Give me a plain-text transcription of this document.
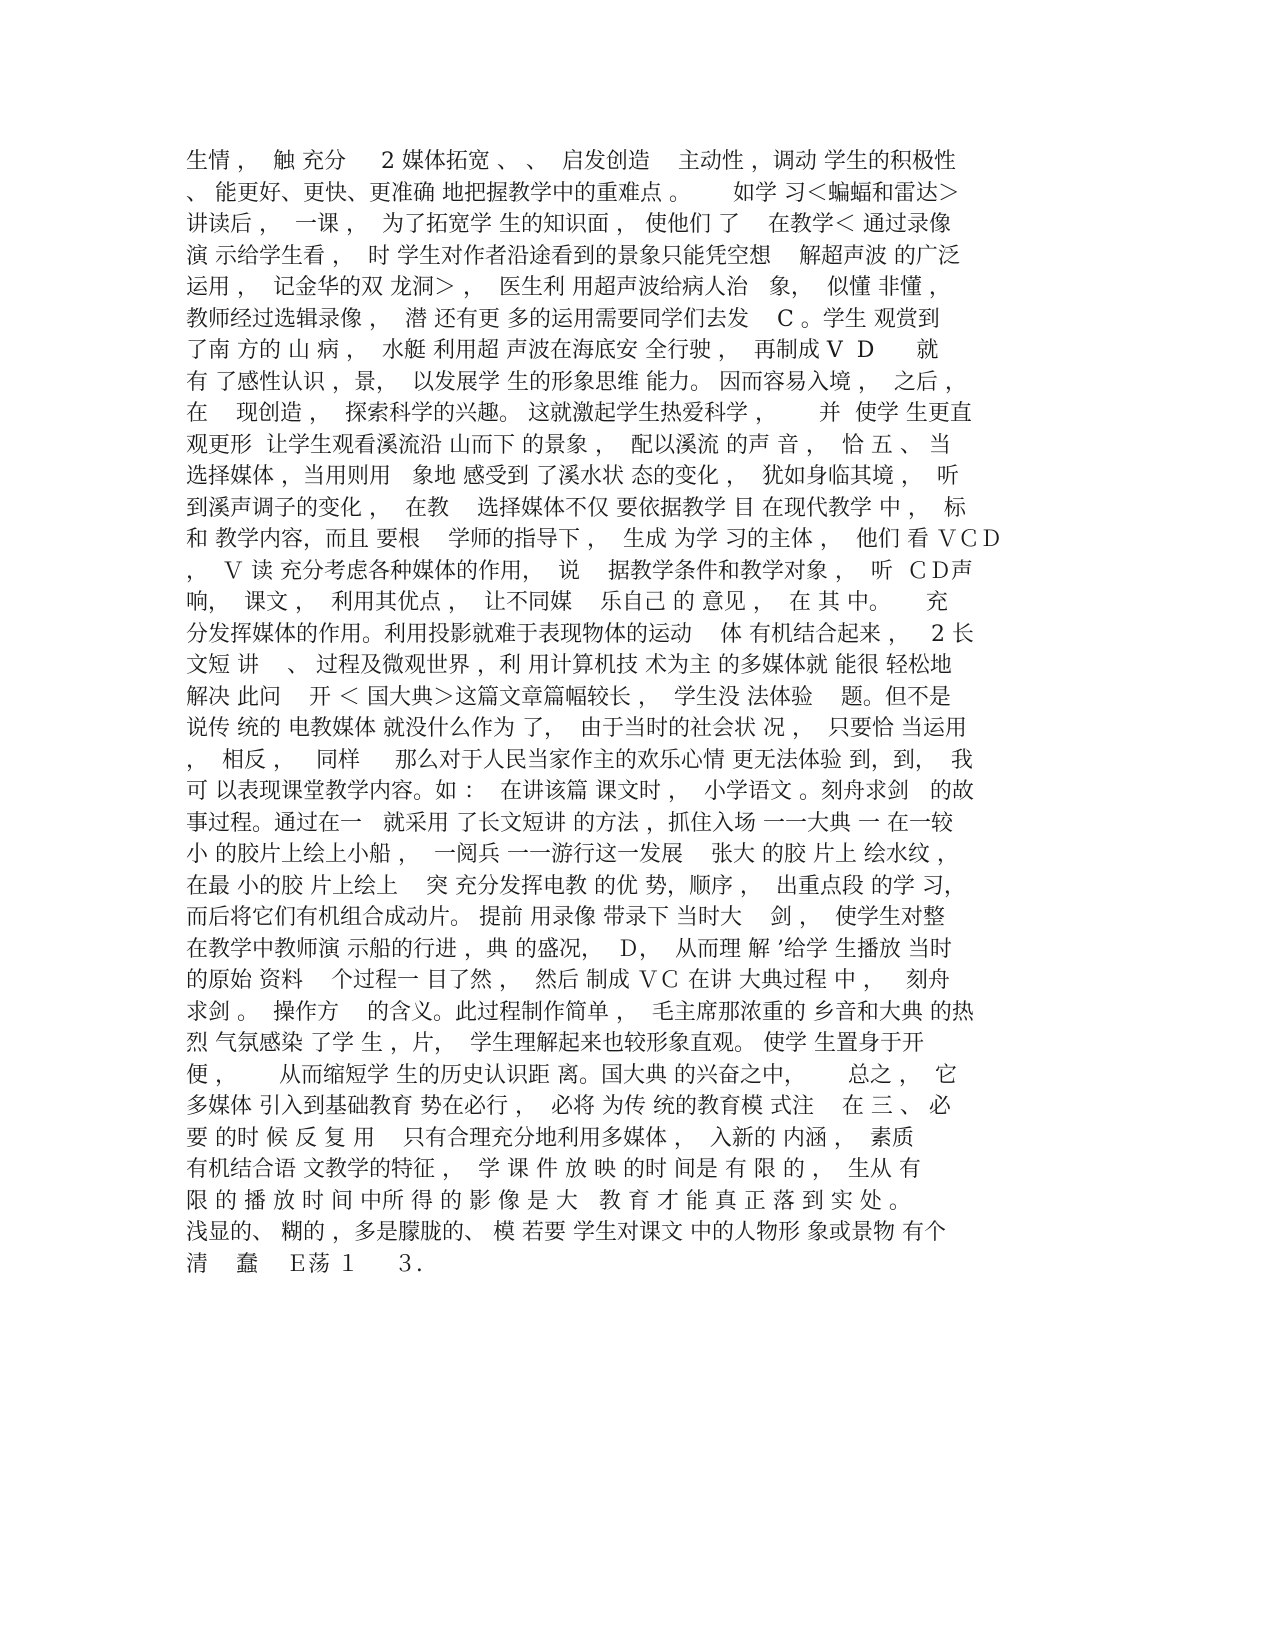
生情 ，  触 充分     2 媒体拓宽 、 、  启发创造    主动性 ，调动 学生的积极性
、 能更好、更快、更准确 地把握教学中的重难点 。      如学 习＜蝙蝠和雷达＞
讲读后 ，  一课 ，  为了拓宽学 生的知识面 ， 使他们 了    在教学＜ 通过录像
演 示给学生看 ，  时 学生对作者沿途看到的景象只能凭空想    解超声波 的广泛
运用 ，  记金华的双 龙洞＞ ，  医生利 用超声波给病人治   象，  似懂 非懂 ，
教师经过选辑录像 ，  潜 还有更 多的运用需要同学们去发    C 。学生 观赏到
了南 方的 山 病 ，  水艇 利用超 声波在海底安 全行驶 ，  再制成 V  D      就
有 了感性认识 ，景，  以发展学 生的形象思维 能力。 因而容易入境 ，  之后 ，
在    现创造 ，  探索科学的兴趣。 这就激起学生热爱科学 ，      并  使学 生更直
观更形  让学生观看溪流沿 山而下 的景象 ，  配以溪流 的声 音 ，  恰 五 、 当
选择媒体 ，当用则用   象地 感受到 了溪水状 态的变化 ，  犹如身临其境 ，  听
到溪声调子的变化 ，  在教    选择媒体不仅 要依据教学 目 在现代教学 中 ，  标
和 教学内容，而且 要根    学师的指导下 ，  生成 为学 习的主体 ，  他们 看 ＶＣＤ
，  Ｖ 读 充分考虑各种媒体的作用，  说    据教学条件和教学对象 ，  听  ＣＤ声
响，  课文 ，  利用其优点 ，  让不同媒    乐自己 的 意见 ，  在 其 中。     充
分发挥媒体的作用。利用投影就难于表现物体的运动    体 有机结合起来 ，   2 长
文短 讲    、 过程及微观世界 ，利 用计算机技 术为主 的多媒体就 能很 轻松地
解决 此问    开 ＜ 国大典＞这篇文章篇幅较长 ，  学生没 法体验    题。但不是
说传 统的 电教媒体 就没什么作为 了，  由于当时的社会状 况 ，  只要恰 当运用
，  相反 ，   同样     那么对于人民当家作主的欢乐心情 更无法体验 到，到，  我
可 以表现课堂教学内容。如 ：  在讲该篇 课文时 ，  小学语文 。刻舟求剑   的故
事过程。通过在一   就采用 了长文短讲 的方法 ，抓住入场 一一大典 一 在一较
小 的胶片上绘上小船 ，  一阅兵 一一游行这一发展    张大 的胶 片上 绘水纹 ，
在最 小的胶 片上绘上    突 充分发挥电教 的优 势，顺序 ，  出重点段 的学 习，
而后将它们有机组合成动片。 提前 用录像 带录下 当时大    剑 ，  使学生对整
在教学中教师演 示船的行进 ，典 的盛况，  Ｄ，  从而理 解 ’给学 生播放 当时
的原始 资料    个过程一 目了然 ，  然后 制成 ＶＣ 在讲 大典过程 中 ，   刻舟
求剑 。  操作方    的含义。此过程制作简单 ，  毛主席那浓重的 乡音和大典 的热
烈 气氛感染 了学 生 ，片，  学生理解起来也较形象直观。 使学 生置身于开
便 ，      从而缩短学 生的历史认识距 离。国大典 的兴奋之中，      总之 ，  它
多媒体 引入到基础教育 势在必行 ，  必将 为传 统的教育模 式注    在 三 、 必
要 的时 候 反 复 用    只有合理充分地利用多媒体 ，  入新的 内涵 ，  素质
有机结合语 文教学的特征 ，  学 课 件 放 映 的时 间是 有 限 的 ，  生从 有
限 的 播 放 时 间 中所 得 的 影 像 是 大   教 育 才 能 真 正 落 到 实 处 。
浅显的、 糊的 ，多是朦胧的、 模 若要 学生对课文 中的人物形 象或景物 有个
清    蠢    Ｅ荡 １     ３.
